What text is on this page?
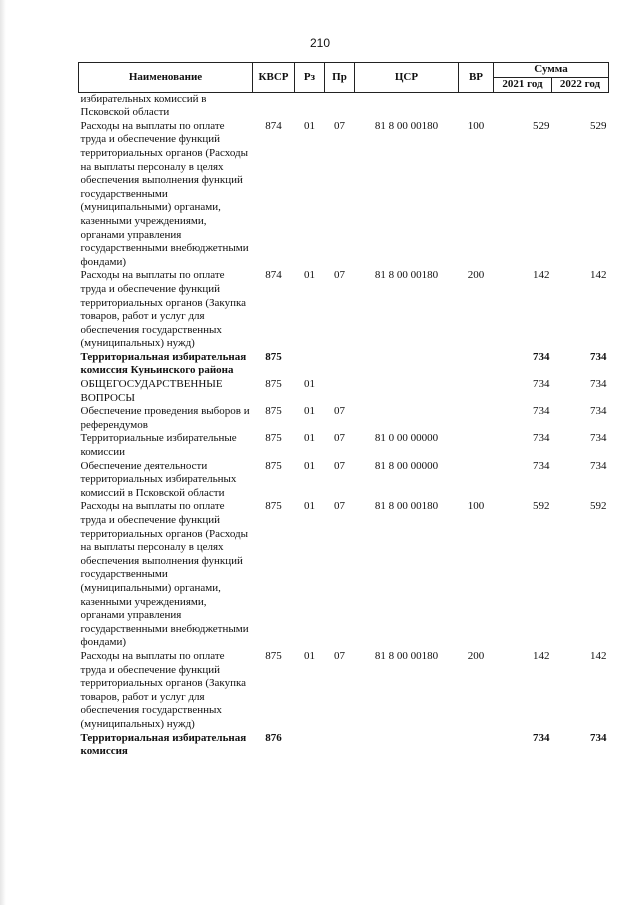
210
Наименование	КВСР	Рз	Пр	ЦСР	ВР	Сумма	
						2021 год	2022 год
избирательных комиссий в Псковской области							
Расходы на выплаты по оплате труда и обеспечение функций территориальных органов (Расходы на выплаты персоналу в целях обеспечения выполнения функций государственными (муниципальными) органами, казенными учреждениями, органами управления государственными внебюджетными фондами)	874	01	07	81 8 00 00180	100	529	529
Расходы на выплаты по оплате труда и обеспечение функций территориальных органов (Закупка товаров, работ и услуг для обеспечения государственных (муниципальных) нужд)	874	01	07	81 8 00 00180	200	142	142
Территориальная избирательная комиссия Куньинского района	875					734	734
ОБЩЕГОСУДАРСТВЕННЫЕ ВОПРОСЫ	875	01				734	734
Обеспечение проведения выборов и референдумов	875	01	07			734	734
Территориальные избирательные комиссии	875	01	07	81 0 00 00000		734	734
Обеспечение деятельности территориальных избирательных комиссий в Псковской области	875	01	07	81 8 00 00000		734	734
Расходы на выплаты по оплате труда и обеспечение функций территориальных органов (Расходы на выплаты персоналу в целях обеспечения выполнения функций государственными (муниципальными) органами, казенными учреждениями, органами управления государственными внебюджетными фондами)	875	01	07	81 8 00 00180	100	592	592
Расходы на выплаты по оплате труда и обеспечение функций территориальных органов (Закупка товаров, работ и услуг для обеспечения государственных (муниципальных) нужд)	875	01	07	81 8 00 00180	200	142	142
Территориальная избирательная комиссия	876					734	734
